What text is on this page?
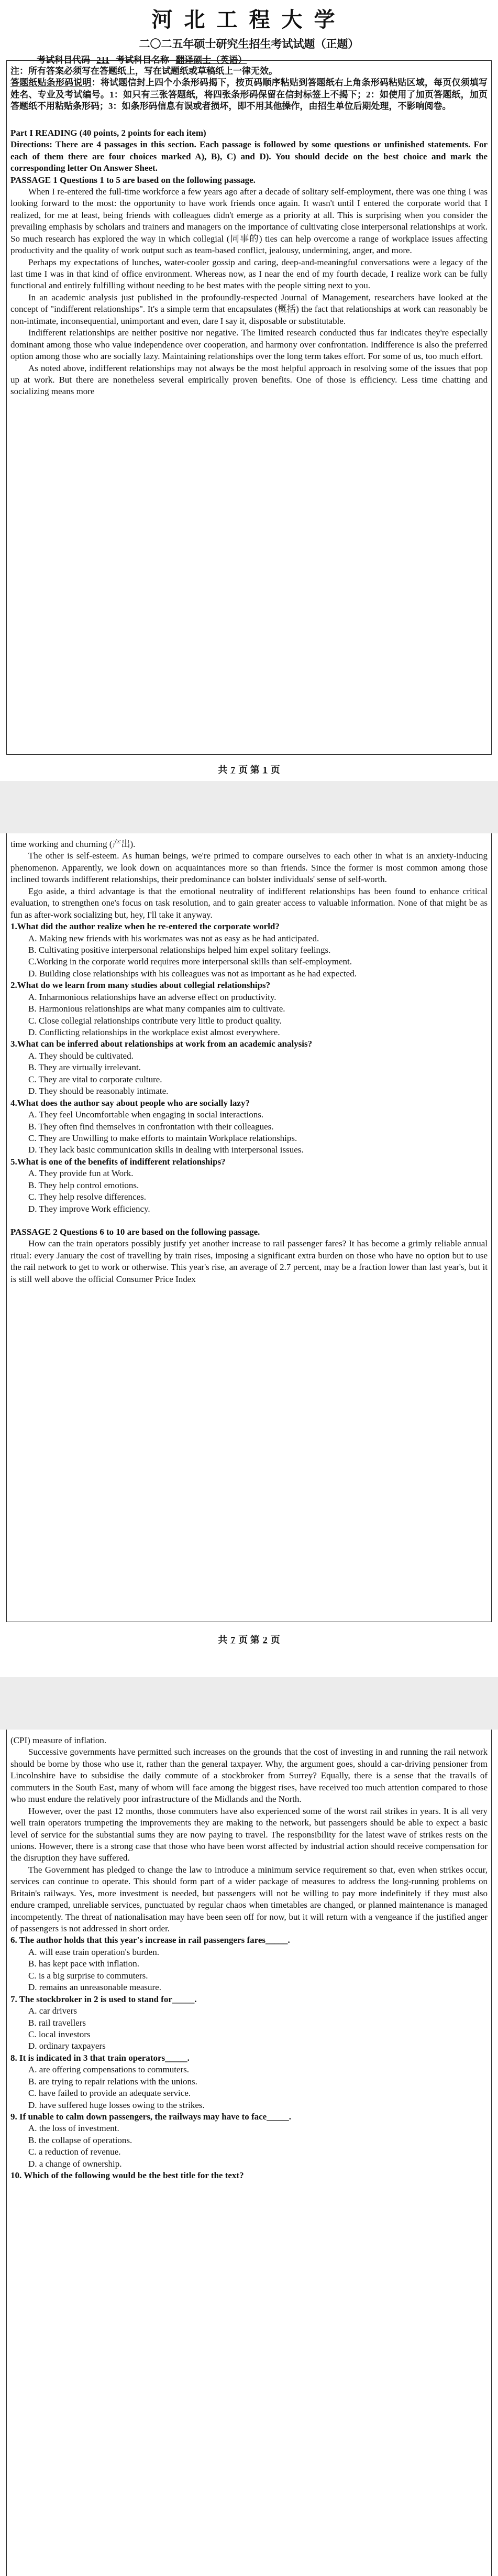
河北工程大学
二〇二五年硕士研究生招生考试试题（正题）
考试科目代码 211 考试科目名称 翻译硕士（英语）

注：所有答案必须写在答题纸上，写在试题纸或草稿纸上一律无效。

答题纸贴条形码说明：将试题信封上四个小条形码揭下，按页码顺序粘贴到答题纸右上角条形码粘贴区域，每页仅须填写姓名、专业及考试编号。1：如只有三张答题纸，将四张条形码保留在信封标签上不揭下；2：如使用了加页答题纸，加页答题纸不用粘贴条形码；3：如条形码信息有误或者损坏，即不用其他操作，由招生单位后期处理，不影响阅卷。

Part I READING (40 points, 2 points for each item)

Directions: There are 4 passages in this section. Each passage is followed by some questions or unfinished statements. For each of them there are four choices marked A), B), C) and D). You should decide on the best choice and mark the corresponding letter On Answer Sheet.

PASSAGE 1 Questions 1 to 5 are based on the following passage.

When I re-entered the full-time workforce a few years ago after a decade of solitary self-employment, there was one thing I was looking forward to the most: the opportunity to have work friends once again. It wasn't until I entered the corporate world that I realized, for me at least, being friends with colleagues didn't emerge as a priority at all. This is surprising when you consider the prevailing emphasis by scholars and trainers and managers on the importance of cultivating close interpersonal relationships at work. So much research has explored the way in which collegial (同事的) ties can help overcome a range of workplace issues affecting productivity and the quality of work output such as team-based conflict, jealousy, undermining, anger, and more.

Perhaps my expectations of lunches, water-cooler gossip and caring, deep-and-meaningful conversations were a legacy of the last time I was in that kind of office environment. Whereas now, as I near the end of my fourth decade, I realize work can be fully functional and entirely fulfilling without needing to be best mates with the people sitting next to you.

In an academic analysis just published in the profoundly-respected Journal of Management, researchers have looked at the concept of "indifferent relationships". It's a simple term that encapsulates (概括) the fact that relationships at work can reasonably be non-intimate, inconsequential, unimportant and even, dare I say it, disposable or substitutable.

Indifferent relationships are neither positive nor negative. The limited research conducted thus far indicates they're especially dominant among those who value independence over cooperation, and harmony over confrontation. Indifference is also the preferred option among those who are socially lazy. Maintaining relationships over the long term takes effort. For some of us, too much effort.

As noted above, indifferent relationships may not always be the most helpful approach in resolving some of the issues that pop up at work. But there are nonetheless several empirically proven benefits. One of those is efficiency. Less time chatting and socializing means more

共 7 页 第 1 页

time working and churning (产出).

The other is self-esteem. As human beings, we're primed to compare ourselves to each other in what is an anxiety-inducing phenomenon. Apparently, we look down on acquaintances more so than friends. Since the former is most common among those inclined towards indifferent relationships, their predominance can bolster individuals' sense of self-worth.

Ego aside, a third advantage is that the emotional neutrality of indifferent relationships has been found to enhance critical evaluation, to strengthen one's focus on task resolution, and to gain greater access to valuable information. None of that might be as fun as after-work socializing but, hey, I'll take it anyway.

1.What did the author realize when he re-entered the corporate world?

A. Making new friends with his workmates was not as easy as he had anticipated.

B. Cultivating positive interpersonal relationships helped him expel solitary feelings.

C.Working in the corporate world requires more interpersonal skills than self-employment.

D. Building close relationships with his colleagues was not as important as he had expected.

2.What do we learn from many studies about collegial relationships?

A. Inharmonious relationships have an adverse effect on productivity.

B. Harmonious relationships are what many companies aim to cultivate.

C. Close collegial relationships contribute very little to product quality.

D. Conflicting relationships in the workplace exist almost everywhere.

3.What can be inferred about relationships at work from an academic analysis?

A. They should be cultivated.

B. They are virtually irrelevant.

C. They are vital to corporate culture.

D. They should be reasonably intimate.

4.What does the author say about people who are socially lazy?

A. They feel Uncomfortable when engaging in social interactions.

B. They often find themselves in confrontation with their colleagues.

C. They are Unwilling to make efforts to maintain Workplace relationships.

D. They lack basic communication skills in dealing with interpersonal issues.

5.What is one of the benefits of indifferent relationships?

A. They provide fun at Work.

B. They help control emotions.

C. They help resolve differences.

D. They improve Work efficiency.

PASSAGE 2 Questions 6 to 10 are based on the following passage.

How can the train operators possibly justify yet another increase to rail passenger fares? It has become a grimly reliable annual ritual: every January the cost of travelling by train rises, imposing a significant extra burden on those who have no option but to use the rail network to get to work or otherwise. This year's rise, an average of 2.7 percent, may be a fraction lower than last year's, but it is still well above the official Consumer Price Index

共 7 页 第 2 页

(CPI) measure of inflation.

Successive governments have permitted such increases on the grounds that the cost of investing in and running the rail network should be borne by those who use it, rather than the general taxpayer. Why, the argument goes, should a car-driving pensioner from Lincolnshire have to subsidise the daily commute of a stockbroker from Surrey? Equally, there is a sense that the travails of commuters in the South East, many of whom will face among the biggest rises, have received too much attention compared to those who must endure the relatively poor infrastructure of the Midlands and the North.

However, over the past 12 months, those commuters have also experienced some of the worst rail strikes in years. It is all very well train operators trumpeting the improvements they are making to the network, but passengers should be able to expect a basic level of service for the substantial sums they are now paying to travel. The responsibility for the latest wave of strikes rests on the unions. However, there is a strong case that those who have been worst affected by industrial action should receive compensation for the disruption they have suffered.

The Government has pledged to change the law to introduce a minimum service requirement so that, even when strikes occur, services can continue to operate. This should form part of a wider package of measures to address the long-running problems on Britain's railways. Yes, more investment is needed, but passengers will not be willing to pay more indefinitely if they must also endure cramped, unreliable services, punctuated by regular chaos when timetables are changed, or planned maintenance is managed incompetently. The threat of nationalisation may have been seen off for now, but it will return with a vengeance if the justified anger of passengers is not addressed in short order.

6. The author holds that this year's increase in rail passengers fares_____.

A. will ease train operation's burden.

B. has kept pace with inflation.

C. is a big surprise to commuters.

D. remains an unreasonable measure.

7. The stockbroker in 2 is used to stand for_____.

A. car drivers

B. rail travellers

C. local investors

D. ordinary taxpayers

8. It is indicated in 3 that train operators_____.

A. are offering compensations to commuters.

B. are trying to repair relations with the unions.

C. have failed to provide an adequate service.

D. have suffered huge losses owing to the strikes.

9. If unable to calm down passengers, the railways may have to face_____.

A. the loss of investment.

B. the collapse of operations.

C. a reduction of revenue.

D. a change of ownership.

10. Which of the following would be the best title for the text?
